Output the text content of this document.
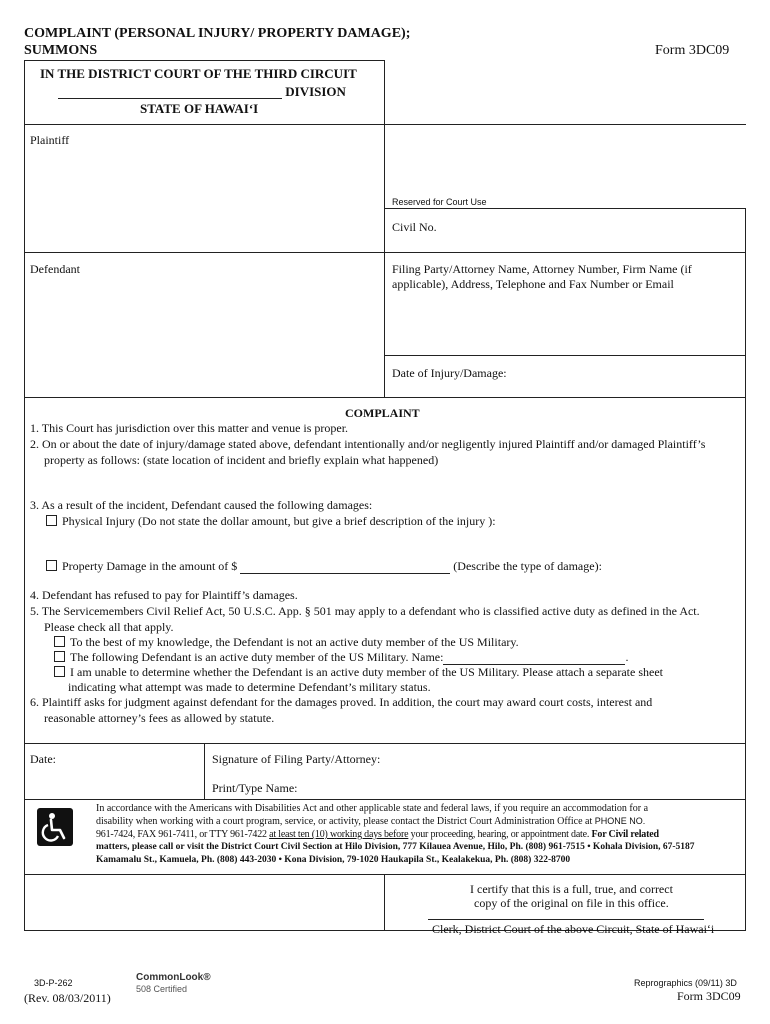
COMPLAINT (PERSONAL INJURY/ PROPERTY DAMAGE);
SUMMONS	Form 3DC09
IN THE DISTRICT COURT OF THE THIRD CIRCUIT
DIVISION
STATE OF HAWAI‘I
Plaintiff
Reserved for Court Use
Civil No.
Defendant	Filing Party/Attorney Name, Attorney Number, Firm Name (if
applicable), Address, Telephone and Fax Number or Email
Date of Injury/Damage:
COMPLAINT
1. This Court has jurisdiction over this matter and venue is proper.
2. On or about the date of injury/damage stated above, defendant intentionally and/or negligently injured Plaintiff and/or damaged Plaintiff’s
property as follows: (state location of incident and briefly explain what happened)
3. As a result of the incident, Defendant caused the following damages:
Physical Injury (Do not state the dollar amount, but give a brief description of the injury ):
Property Damage in the amount of $	(Describe the type of damage):
4. Defendant has refused to pay for Plaintiff’s damages.
5. The Servicemembers Civil Relief Act, 50 U.S.C. App. § 501 may apply to a defendant who is classified active duty as defined in the Act.
Please check all that apply.
To the best of my knowledge, the Defendant is not an active duty member of the US Military.
The following Defendant is an active duty member of the US Military. Name:	.
I am unable to determine whether the Defendant is an active duty member of the US Military. Please attach a separate sheet
indicating what attempt was made to determine Defendant’s military status.
6. Plaintiff asks for judgment against defendant for the damages proved. In addition, the court may award court costs, interest and
reasonable attorney’s fees as allowed by statute.
Date:	Signature of Filing Party/Attorney:
Print/Type Name:
In accordance with the Americans with Disabilities Act and other applicable state and federal laws, if you require an accommodation for a
disability when working with a court program, service, or activity, please contact the District Court Administration Office at PHONE NO.
961-7424, FAX 961-7411, or TTY 961-7422 at least ten (10) working days before your proceeding, hearing, or appointment date. For Civil related
matters, please call or visit the District Court Civil Section at Hilo Division, 777 Kilauea Avenue, Hilo, Ph. (808) 961-7515 • Kohala Division, 67-5187
Kamamalu St., Kamuela, Ph. (808) 443-2030 • Kona Division, 79-1020 Haukapila St., Kealakekua, Ph. (808) 322-8700
I certify that this is a full, true, and correct
copy of the original on file in this office.
Clerk, District Court of the above Circuit, State of Hawai‘i
3D-P-262
(Rev. 08/03/2011)
CommonLook®
508 Certified
Reprographics (09/11) 3D
Form 3DC09
